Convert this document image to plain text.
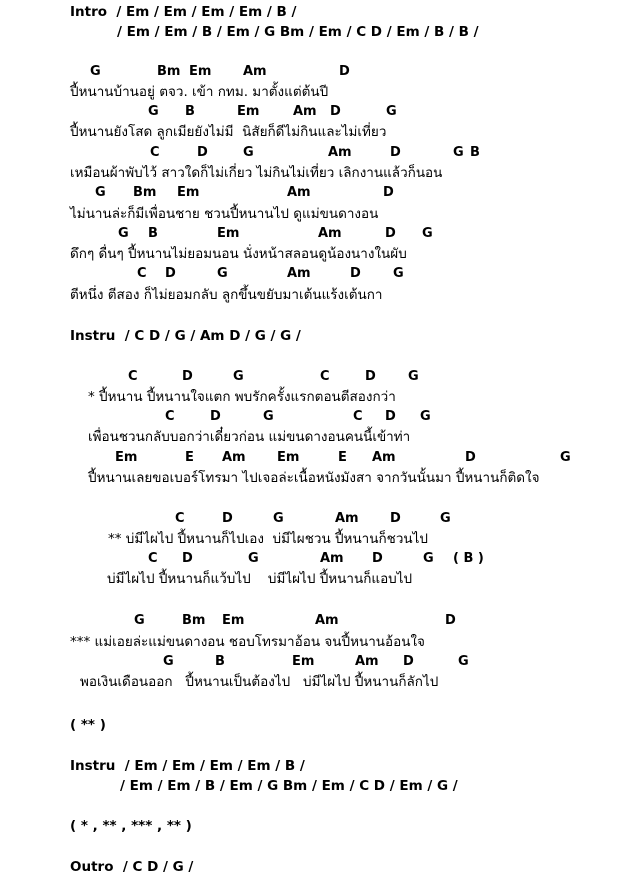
Intro  / Em / Em / Em / Em / B /
/ Em / Em / B / Em / G Bm / Em / C D / Em / B / B /
G	Bm Em Am	D
ปี้หนานบ้านอยู่ ตจว. เข้า กทม. มาตั้งแต่ต้นปี
G B	Em	Am D	G
ปี้หนานยังโสด ลูกเมียยังไม่มี  นิสัยก็ดีไม่กินและไม่เที่ยว
C	D	G	Am	D	G B
เหมือนผ้าพับไว้ สาวใดก็ไม่เกี่ยว ไม่กินไม่เที่ยว เลิกงานแล้วก็นอน
G Bm Em	Am	D
ไม่นานล่ะก็มีเพื่อนชาย ชวนปี้หนานไป ดูแม่ขนดางอน
G B	Em	Am	D G
ดึกๆ ดื่นๆ ปี้หนานไม่ยอมนอน นั่งหน้าสลอนดูน้องนางในผับ
C D	G	Am	D G
ตีหนึ่ง ตีสอง ก็ไม่ยอมกลับ ลูกขึ้นขยับมาเต้นแร้งเต้นกา
Instru  / C D / G / Am D / G / G /
C	D	G	C	D G
* ปี้หนาน ปี้หนานใจแตก พบรักครั้งแรกตอนตีสองกว่า
C	D	G	C D G
เพื่อนชวนกลับบอกว่าเดี๋ยวก่อน แม่ขนดางอนคนนี้เข้าท่า
Em	E Am Em	E Am	D	G
ปี้หนานเลยขอเบอร์โทรมา ไปเจอล่ะเนื้อหนังมังสา จากวันนั้นมา ปี้หนานก็ติดใจ
C	D	G	Am D	G
** บ่มีไผไป ปี้หนานก็ไปเอง  บ่มีไผชวน ปี้หนานก็ชวนไป
C D	G	Am D	G ( B )
บ่มีไผไป ปี้หนานก็แว้บไป    บ่มีไผไป ปี้หนานก็แอบไป
G	Bm Em	Am	D
*** แม่เอยล่ะแม่ขนดางอน ชอบโทรมาอ้อน จนปี้หนานอ้อนใจ
G	B	Em	Am D	G
พอเงินเดือนออก   ปี้หนานเป็นต้องไป   บ่มีไผไป ปี้หนานก็ลักไป
( ** )
Instru  / Em / Em / Em / Em / B /
/ Em / Em / B / Em / G Bm / Em / C D / Em / G /
( * , ** , *** , ** )
Outro  / C D / G /
